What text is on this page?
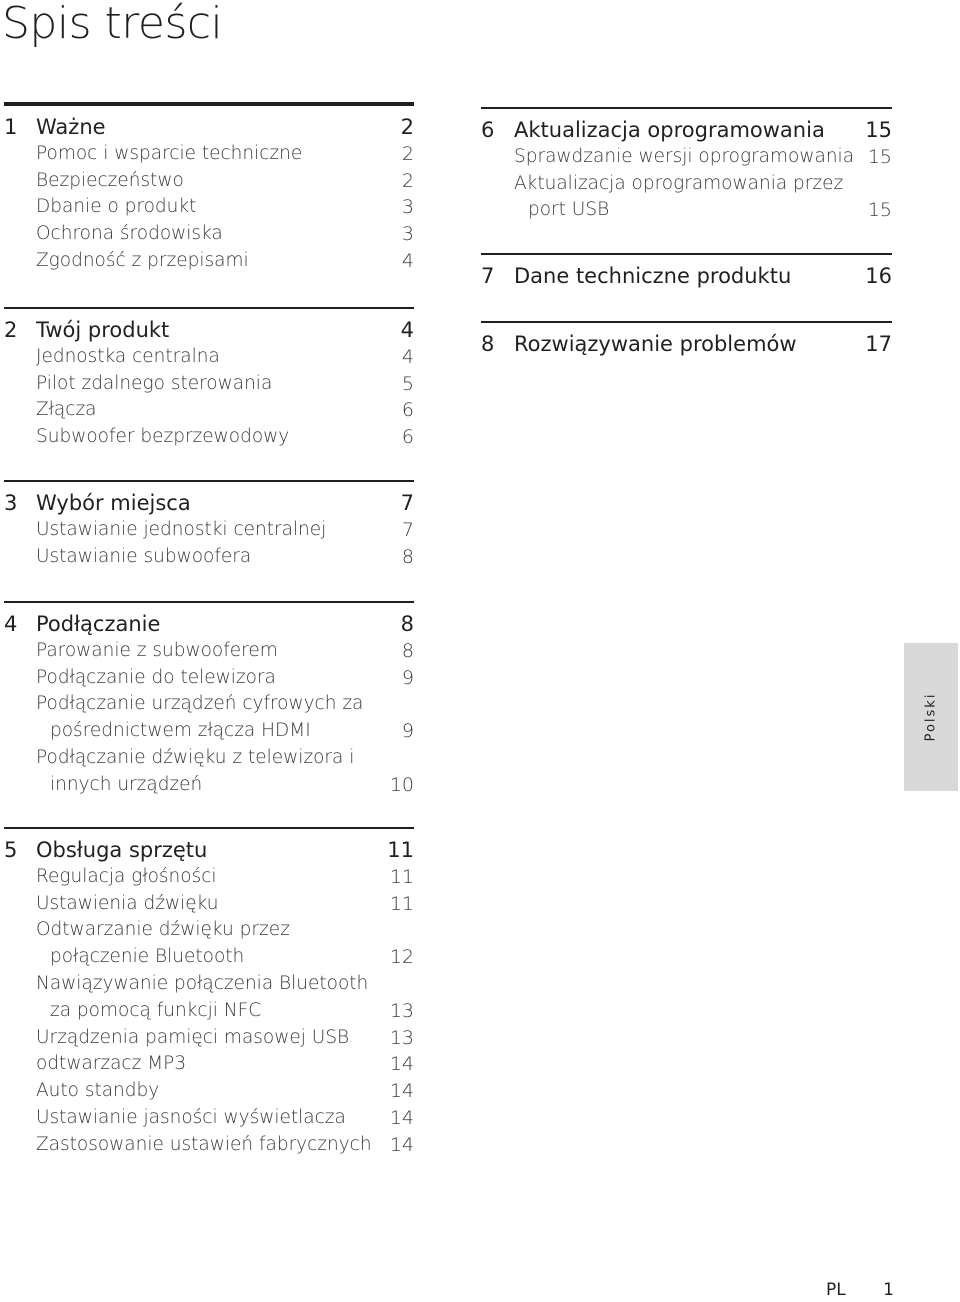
Spis treści
1 Ważne	2
Pomoc i wsparcie techniczne	2
Bezpieczeństwo	2
Dbanie o produkt	3
Ochrona środowiska	3
Zgodność z przepisami	4
2 Twój produkt	4
Jednostka centralna	4
Pilot zdalnego sterowania	5
Złącza	6
Subwoofer bezprzewodowy	6
3 Wybór miejsca	7
Ustawianie jednostki centralnej	7
Ustawianie subwoofera	8
4 Podłączanie	8
Parowanie z subwooferem	8
Podłączanie do telewizora	9
Podłączanie urządzeń cyfrowych za
pośrednictwem złącza HDMI	9
Podłączanie dźwięku z telewizora i
innych urządzeń	10
5 Obsługa sprzętu	11
Regulacja głośności	11
Ustawienia dźwięku	11
Odtwarzanie dźwięku przez
połączenie Bluetooth	12
Nawiązywanie połączenia Bluetooth
za pomocą funkcji NFC	13
Urządzenia pamięci masowej USB 13
odtwarzacz MP3	14
Auto standby	14
Ustawianie jasności wyświetlacza 14
Zastosowanie ustawień fabrycznych 14
6 Aktualizacja oprogramowania 15
Sprawdzanie wersji oprogramowania 15
Aktualizacja oprogramowania przez
port USB	15
7 Dane techniczne produktu	16
8 Rozwiązywanie problemów	17
Polski
PL 1
